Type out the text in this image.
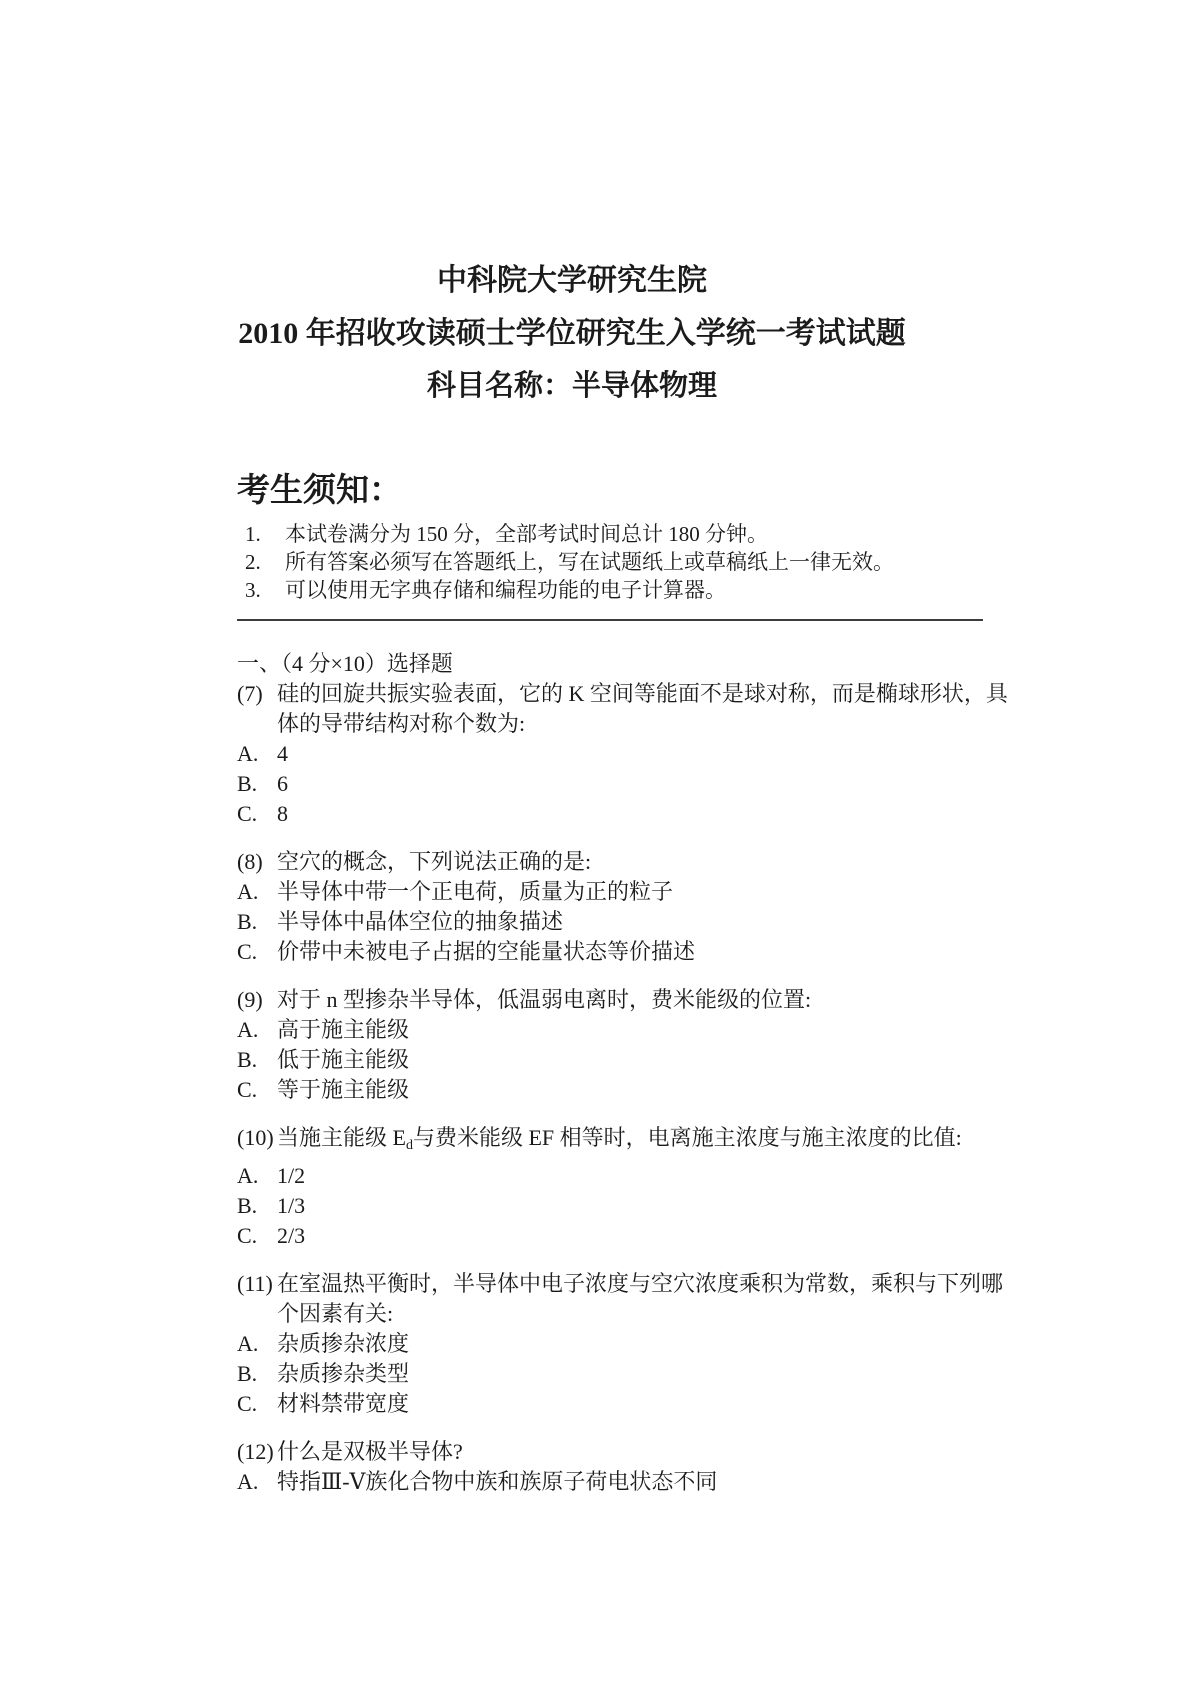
中科院大学研究生院
2010 年招收攻读硕士学位研究生入学统一考试试题
科目名称：半导体物理
考生须知：
1. 本试卷满分为 150 分，全部考试时间总计 180 分钟。
2. 所有答案必须写在答题纸上，写在试题纸上或草稿纸上一律无效。
3. 可以使用无字典存储和编程功能的电子计算器。
一、（4 分×10）选择题
(7) 硅的回旋共振实验表面，它的 K 空间等能面不是球对称，而是椭球形状，具
体的导带结构对称个数为:
A. 4
B. 6
C. 8
(8) 空穴的概念，下列说法正确的是:
A. 半导体中带一个正电荷，质量为正的粒子
B. 半导体中晶体空位的抽象描述
C. 价带中未被电子占据的空能量状态等价描述
(9) 对于 n 型掺杂半导体，低温弱电离时，费米能级的位置:
A. 高于施主能级
B. 低于施主能级
C. 等于施主能级
(10) 当施主能级 $E_d$与费米能级 EF 相等时，电离施主浓度与施主浓度的比值:
A. 1/2
B. 1/3
C. 2/3
(11) 在室温热平衡时，半导体中电子浓度与空穴浓度乘积为常数，乘积与下列哪
个因素有关:
A. 杂质掺杂浓度
B. 杂质掺杂类型
C. 材料禁带宽度
(12) 什么是双极半导体?
A. 特指Ⅲ-Ⅴ族化合物中族和族原子荷电状态不同
